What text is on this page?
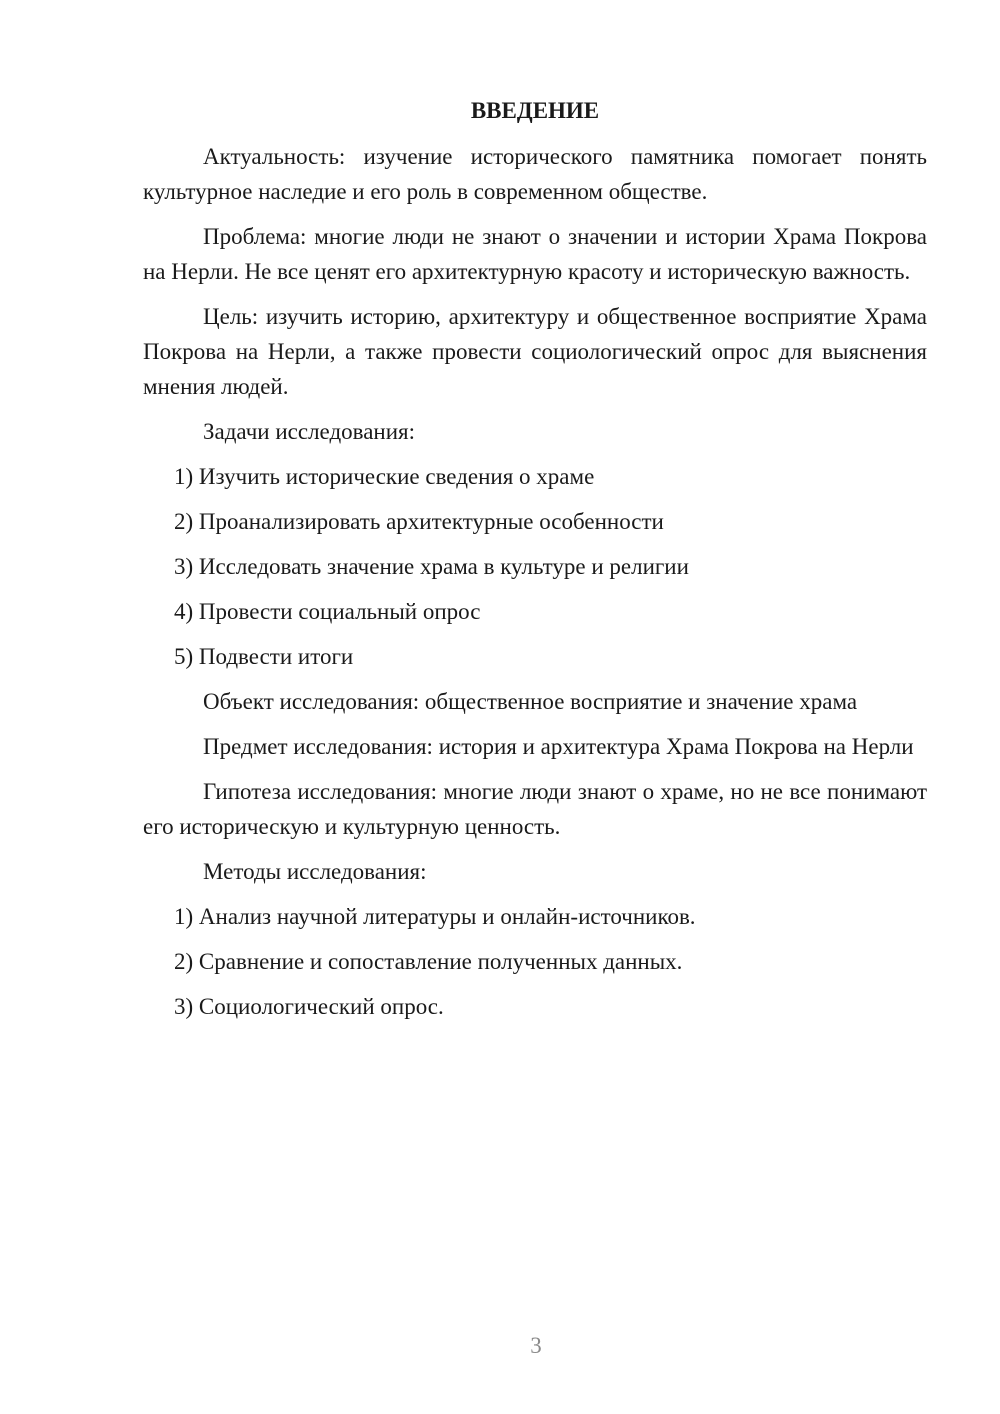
ВВЕДЕНИЕ

Актуальность: изучение исторического памятника помогает понять культурное наследие и его роль в современном обществе.

Проблема: многие люди не знают о значении и истории Храма Покрова на Нерли. Не все ценят его архитектурную красоту и историческую важность.

Цель: изучить историю, архитектуру и общественное восприятие Храма Покрова на Нерли, а также провести социологический опрос для выяснения мнения людей.

Задачи исследования:

1) Изучить исторические сведения о храме
2) Проанализировать архитектурные особенности
3) Исследовать значение храма в культуре и религии
4) Провести социальный опрос
5) Подвести итоги

Объект исследования: общественное восприятие и значение храма

Предмет исследования: история и архитектура Храма Покрова на Нерли

Гипотеза исследования: многие люди знают о храме, но не все понимают его историческую и культурную ценность.

Методы исследования:

1) Анализ научной литературы и онлайн-источников.
2) Сравнение и сопоставление полученных данных.
3) Социологический опрос.
3
